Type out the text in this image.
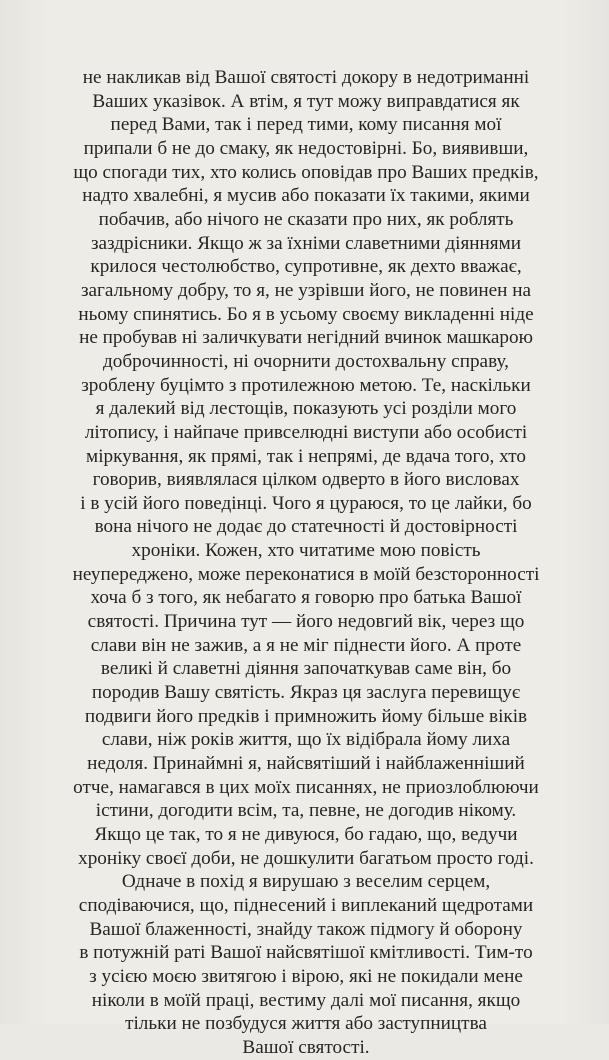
не накликав від Вашої святості докору в недотриманні
Ваших указівок. А втім, я тут можу виправдатися як
перед Вами, так і перед тими, кому писання мої
припали б не до смаку, як недостовірні. Бо, виявивши,
що спогади тих, хто колись оповідав про Ваших предків,
надто хвалебні, я мусив або показати їх такими, якими
побачив, або нічого не сказати про них, як роблять
заздрісники. Якщо ж за їхніми славетними діяннями
крилося честолюбство, супротивне, як дехто вважає,
загальному добру, то я, не узрівши його, не повинен на
ньому спинятись. Бо я в усьому своєму викладенні ніде
не пробував ні заличкувати негідний вчинок машкарою
доброчинності, ні очорнити достохвальну справу,
зроблену буцімто з протилежною метою. Те, наскільки
я далекий від лестощів, показують усі розділи мого
літопису, і найпаче привселюдні виступи або особисті
міркування, як прямі, так і непрямі, де вдача того, хто
говорив, виявлялася цілком одверто в його висловах
і в усій його поведінці. Чого я цураюся, то це лайки, бо
вона нічого не додає до статечності й достовірності
хроніки. Кожен, хто читатиме мою повість
неупереджено, може переконатися в моїй безсторонності
хоча б з того, як небагато я говорю про батька Вашої
святості. Причина тут — його недовгий вік, через що
слави він не зажив, а я не міг піднести його. А проте
великі й славетні діяння започаткував саме він, бо
породив Вашу святість. Якраз ця заслуга перевищує
подвиги його предків і примножить йому більше віків
слави, ніж років життя, що їх відібрала йому лиха
недоля. Принаймні я, найсвятіший і найблаженніший
отче, намагався в цих моїх писаннях, не приозлоблюючи
істини, догодити всім, та, певне, не догодив нікому.
Якщо це так, то я не дивуюся, бо гадаю, що, ведучи
хроніку своєї доби, не дошкулити багатьом просто годі.
Одначе в похід я вирушаю з веселим серцем,
сподіваючися, що, піднесений і виплеканий щедротами
Вашої блаженності, знайду також підмогу й оборону
в потужній раті Вашої найсвятішої кмітливості. Тим-то
з усією моєю звитягою і вірою, які не покидали мене
ніколи в моїй праці, вестиму далі мої писання, якщо
тільки не позбудуся життя або заступництва
Вашої святості.
